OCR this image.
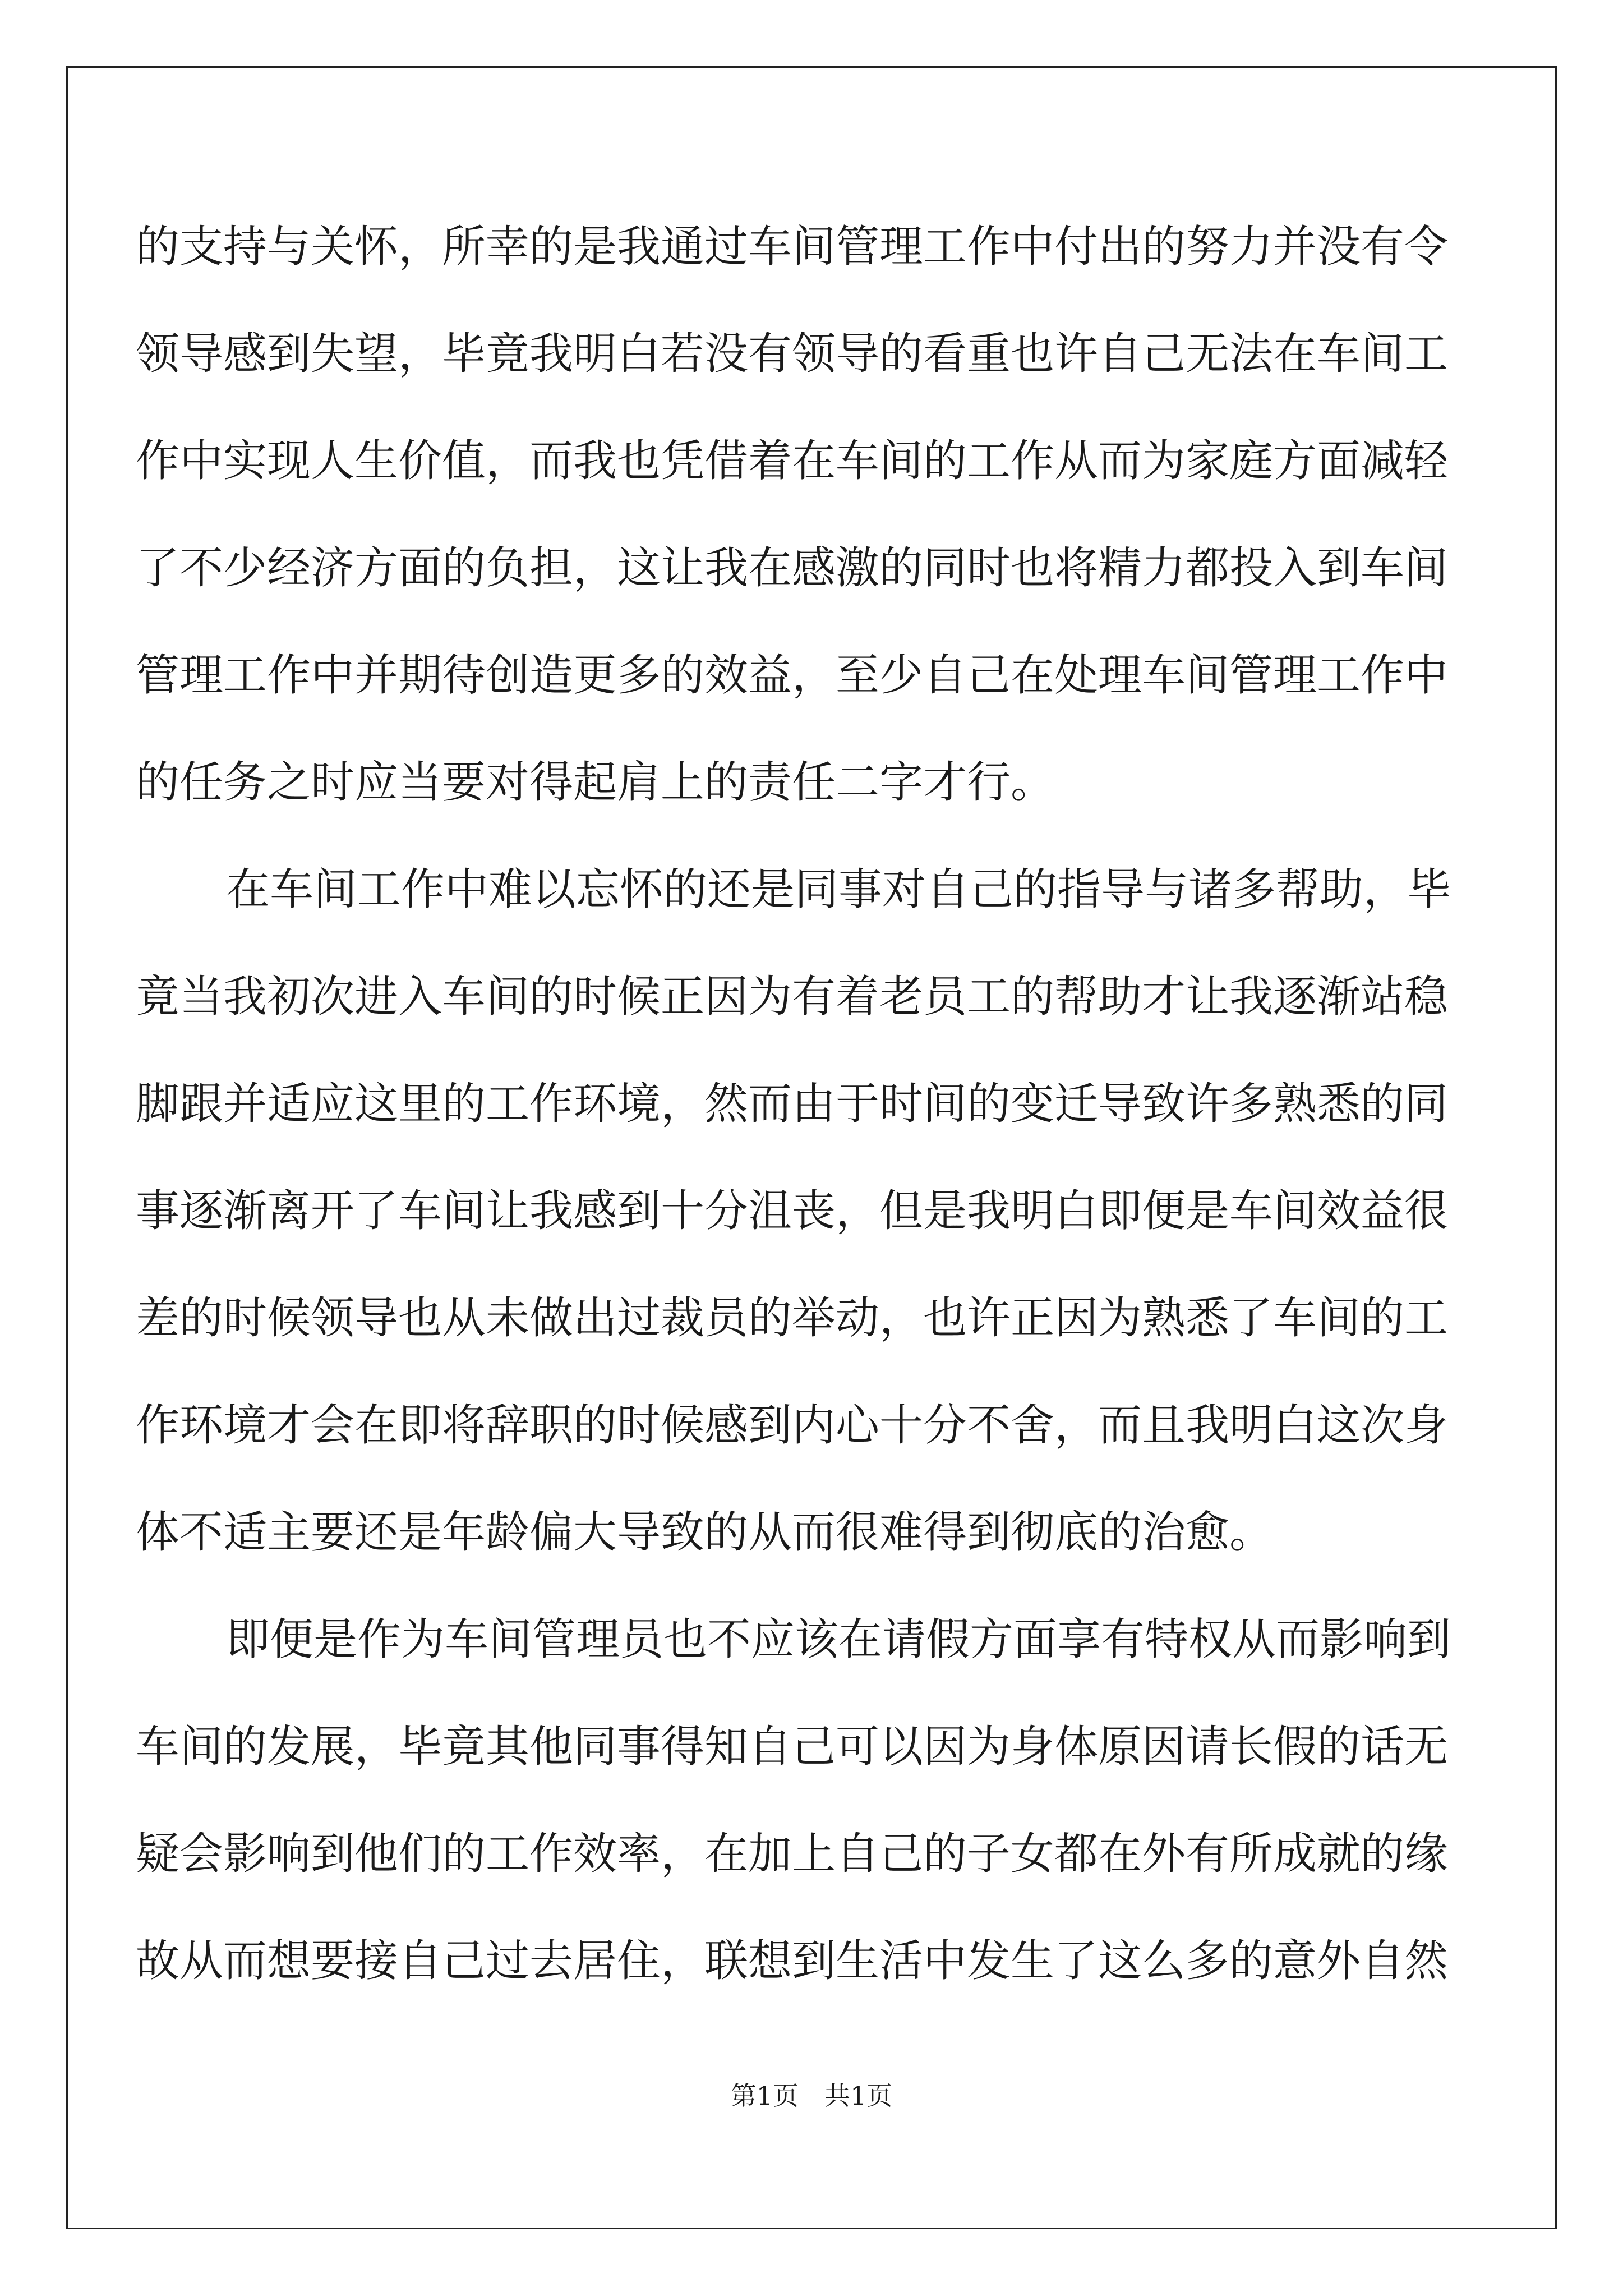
的支持与关怀，所幸的是我通过车间管理工作中付出的努力并没有令
领导感到失望，毕竟我明白若没有领导的看重也许自己无法在车间工
作中实现人生价值，而我也凭借着在车间的工作从而为家庭方面减轻
了不少经济方面的负担，这让我在感激的同时也将精力都投入到车间
管理工作中并期待创造更多的效益，至少自己在处理车间管理工作中
的任务之时应当要对得起肩上的责任二字才行。
在车间工作中难以忘怀的还是同事对自己的指导与诸多帮助，毕
竟当我初次进入车间的时候正因为有着老员工的帮助才让我逐渐站稳
脚跟并适应这里的工作环境，然而由于时间的变迁导致许多熟悉的同
事逐渐离开了车间让我感到十分沮丧，但是我明白即便是车间效益很
差的时候领导也从未做出过裁员的举动，也许正因为熟悉了车间的工
作环境才会在即将辞职的时候感到内心十分不舍，而且我明白这次身
体不适主要还是年龄偏大导致的从而很难得到彻底的治愈。
即便是作为车间管理员也不应该在请假方面享有特权从而影响到
车间的发展，毕竟其他同事得知自己可以因为身体原因请长假的话无
疑会影响到他们的工作效率，在加上自己的子女都在外有所成就的缘
故从而想要接自己过去居住，联想到生活中发生了这么多的意外自然
第1页 共1页
